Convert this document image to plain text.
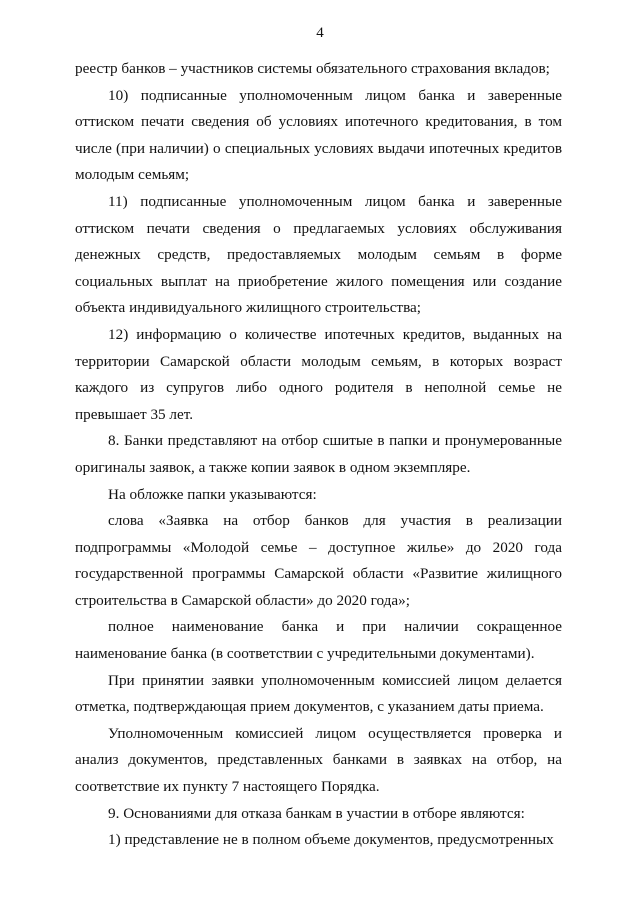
4

реестр банков – участников системы обязательного страхования вкладов;

10) подписанные уполномоченным лицом банка и заверенные оттиском печати сведения об условиях ипотечного кредитования, в том числе (при наличии) о специальных условиях выдачи ипотечных кредитов молодым семьям;

11) подписанные уполномоченным лицом банка и заверенные оттиском печати сведения о предлагаемых условиях обслуживания денежных средств, предоставляемых молодым семьям в форме социальных выплат на приобретение жилого помещения или создание объекта индивидуального жилищного строительства;

12) информацию о количестве ипотечных кредитов, выданных на территории Самарской области молодым семьям, в которых возраст каждого из супругов либо одного родителя в неполной семье не превышает 35 лет.

8. Банки представляют на отбор сшитые в папки и пронумерованные оригиналы заявок, а также копии заявок в одном экземпляре.

На обложке папки указываются:

слова «Заявка на отбор банков для участия в реализации подпрограммы «Молодой семье – доступное жилье» до 2020 года государственной программы Самарской области «Развитие жилищного строительства в Самарской области» до 2020 года»;

полное наименование банка и при наличии сокращенное наименование банка (в соответствии с учредительными документами).

При принятии заявки уполномоченным комиссией лицом делается отметка, подтверждающая прием документов, с указанием даты приема.

Уполномоченным комиссией лицом осуществляется проверка и анализ документов, представленных банками в заявках на отбор, на соответствие их пункту 7 настоящего Порядка.

9. Основаниями для отказа банкам в участии в отборе являются:

1) представление не в полном объеме документов, предусмотренных
